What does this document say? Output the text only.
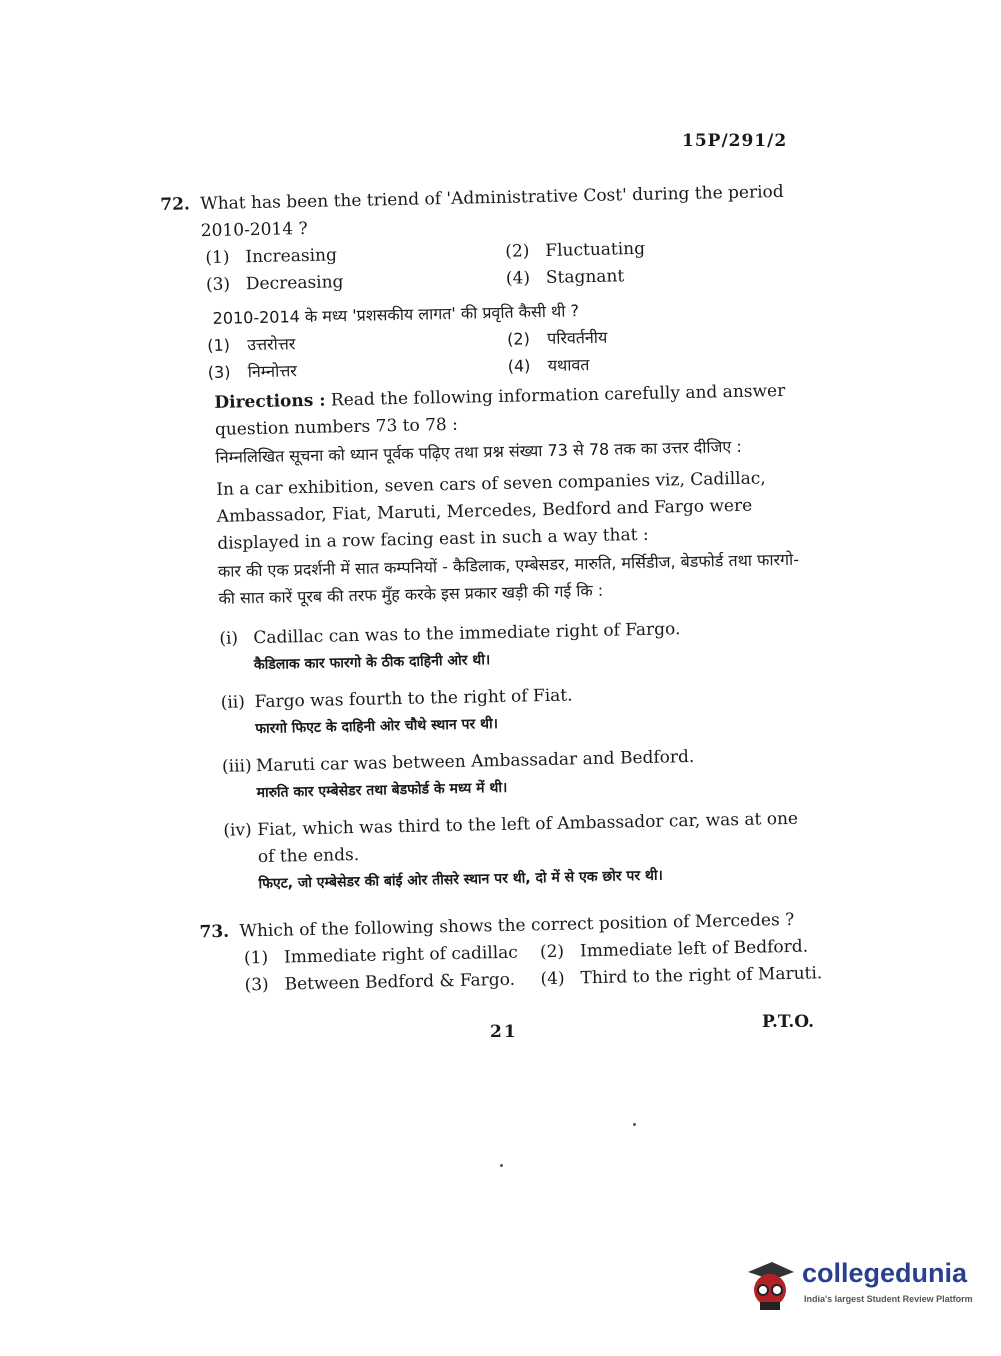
15P/291/2
72. What has been the triend of 'Administrative Cost' during the period 2010-2014 ?
(1) Increasing	(2) Fluctuating
(3) Decreasing	(4) Stagnant
2010-2014 के मध्य 'प्रशसकीय लागत' की प्रवृति कैसी थी ?
(1)	उत्तरोत्तर	(2)	परिवर्तनीय
(3)	निम्नोत्तर	(4)	यथावत
Directions : Read the following information carefully and answer question numbers 73 to 78 :
निम्नलिखित सूचना को ध्यान पूर्वक पढ़िए तथा प्रश्न संख्या 73 से 78 तक का उत्तर दीजिए :
In a car exhibition, seven cars of seven companies viz, Cadillac, Ambassador, Fiat, Maruti, Mercedes, Bedford and Fargo were displayed in a row facing east in such a way that :
कार की एक प्रदर्शनी में सात कम्पनियों - कैडिलाक, एम्बेसडर, मारुति, मर्सिडीज, बेडफोर्ड तथा फारगो- की सात कारें पूरब की तरफ मुँह करके इस प्रकार खड़ी की गई कि :
(i) Cadillac can was to the immediate right of Fargo.
कैडिलाक कार फारगो के ठीक दाहिनी ओर थी।
(ii) Fargo was fourth to the right of Fiat.
फारगो फिएट के दाहिनी ओर चौथे स्थान पर थी।
(iii) Maruti car was between Ambassadar and Bedford.
मारुति कार एम्बेसेडर तथा बेडफोर्ड के मध्य में थी।
(iv) Fiat, which was third to the left of Ambassador car, was at one of the ends.
फिएट, जो एम्बेसेडर की बांई ओर तीसरे स्थान पर थी, दो में से एक छोर पर थी।
73. Which of the following shows the correct position of Mercedes ?
(1) Immediate right of cadillac (2) Immediate left of Bedford.
(3) Between Bedford & Fargo. (4) Third to the right of Maruti.
21	P.T.O.
collegedunia
India's largest Student Review Platform
